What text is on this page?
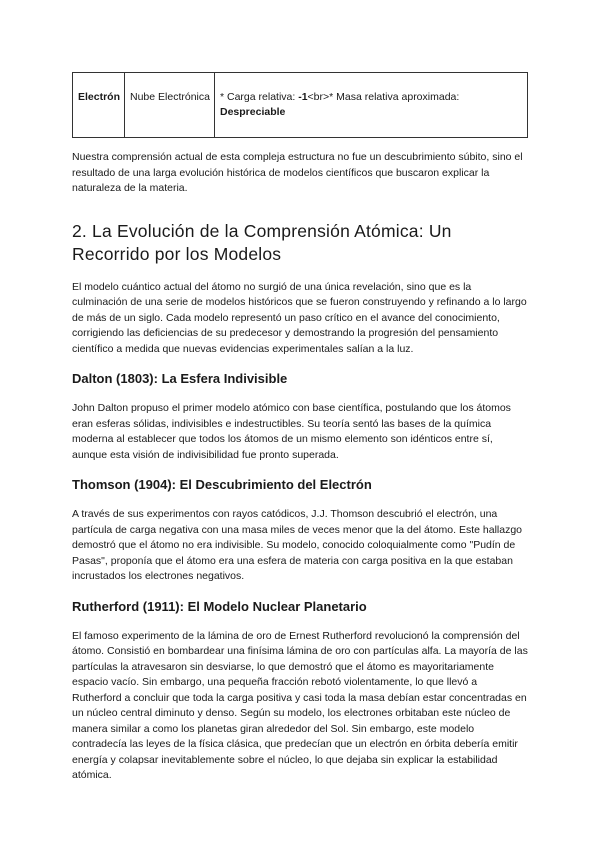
Electrón	Nube Electrónica	* Carga relativa: -1<br>* Masa relativa aproximada:
Despreciable

Nuestra comprensión actual de esta compleja estructura no fue un descubrimiento súbito, sino el resultado de una larga evolución histórica de modelos científicos que buscaron explicar la naturaleza de la materia.

2. La Evolución de la Comprensión Atómica: Un Recorrido por los Modelos

El modelo cuántico actual del átomo no surgió de una única revelación, sino que es la culminación de una serie de modelos históricos que se fueron construyendo y refinando a lo largo de más de un siglo. Cada modelo representó un paso crítico en el avance del conocimiento, corrigiendo las deficiencias de su predecesor y demostrando la progresión del pensamiento científico a medida que nuevas evidencias experimentales salían a la luz.

Dalton (1803): La Esfera Indivisible

John Dalton propuso el primer modelo atómico con base científica, postulando que los átomos eran esferas sólidas, indivisibles e indestructibles. Su teoría sentó las bases de la química moderna al establecer que todos los átomos de un mismo elemento son idénticos entre sí, aunque esta visión de indivisibilidad fue pronto superada.

Thomson (1904): El Descubrimiento del Electrón

A través de sus experimentos con rayos catódicos, J.J. Thomson descubrió el electrón, una partícula de carga negativa con una masa miles de veces menor que la del átomo. Este hallazgo demostró que el átomo no era indivisible. Su modelo, conocido coloquialmente como "Pudín de Pasas", proponía que el átomo era una esfera de materia con carga positiva en la que estaban incrustados los electrones negativos.

Rutherford (1911): El Modelo Nuclear Planetario

El famoso experimento de la lámina de oro de Ernest Rutherford revolucionó la comprensión del átomo. Consistió en bombardear una finísima lámina de oro con partículas alfa. La mayoría de las partículas la atravesaron sin desviarse, lo que demostró que el átomo es mayoritariamente espacio vacío. Sin embargo, una pequeña fracción rebotó violentamente, lo que llevó a Rutherford a concluir que toda la carga positiva y casi toda la masa debían estar concentradas en un núcleo central diminuto y denso. Según su modelo, los electrones orbitaban este núcleo de manera similar a como los planetas giran alrededor del Sol. Sin embargo, este modelo contradecía las leyes de la física clásica, que predecían que un electrón en órbita debería emitir energía y colapsar inevitablemente sobre el núcleo, lo que dejaba sin explicar la estabilidad atómica.
